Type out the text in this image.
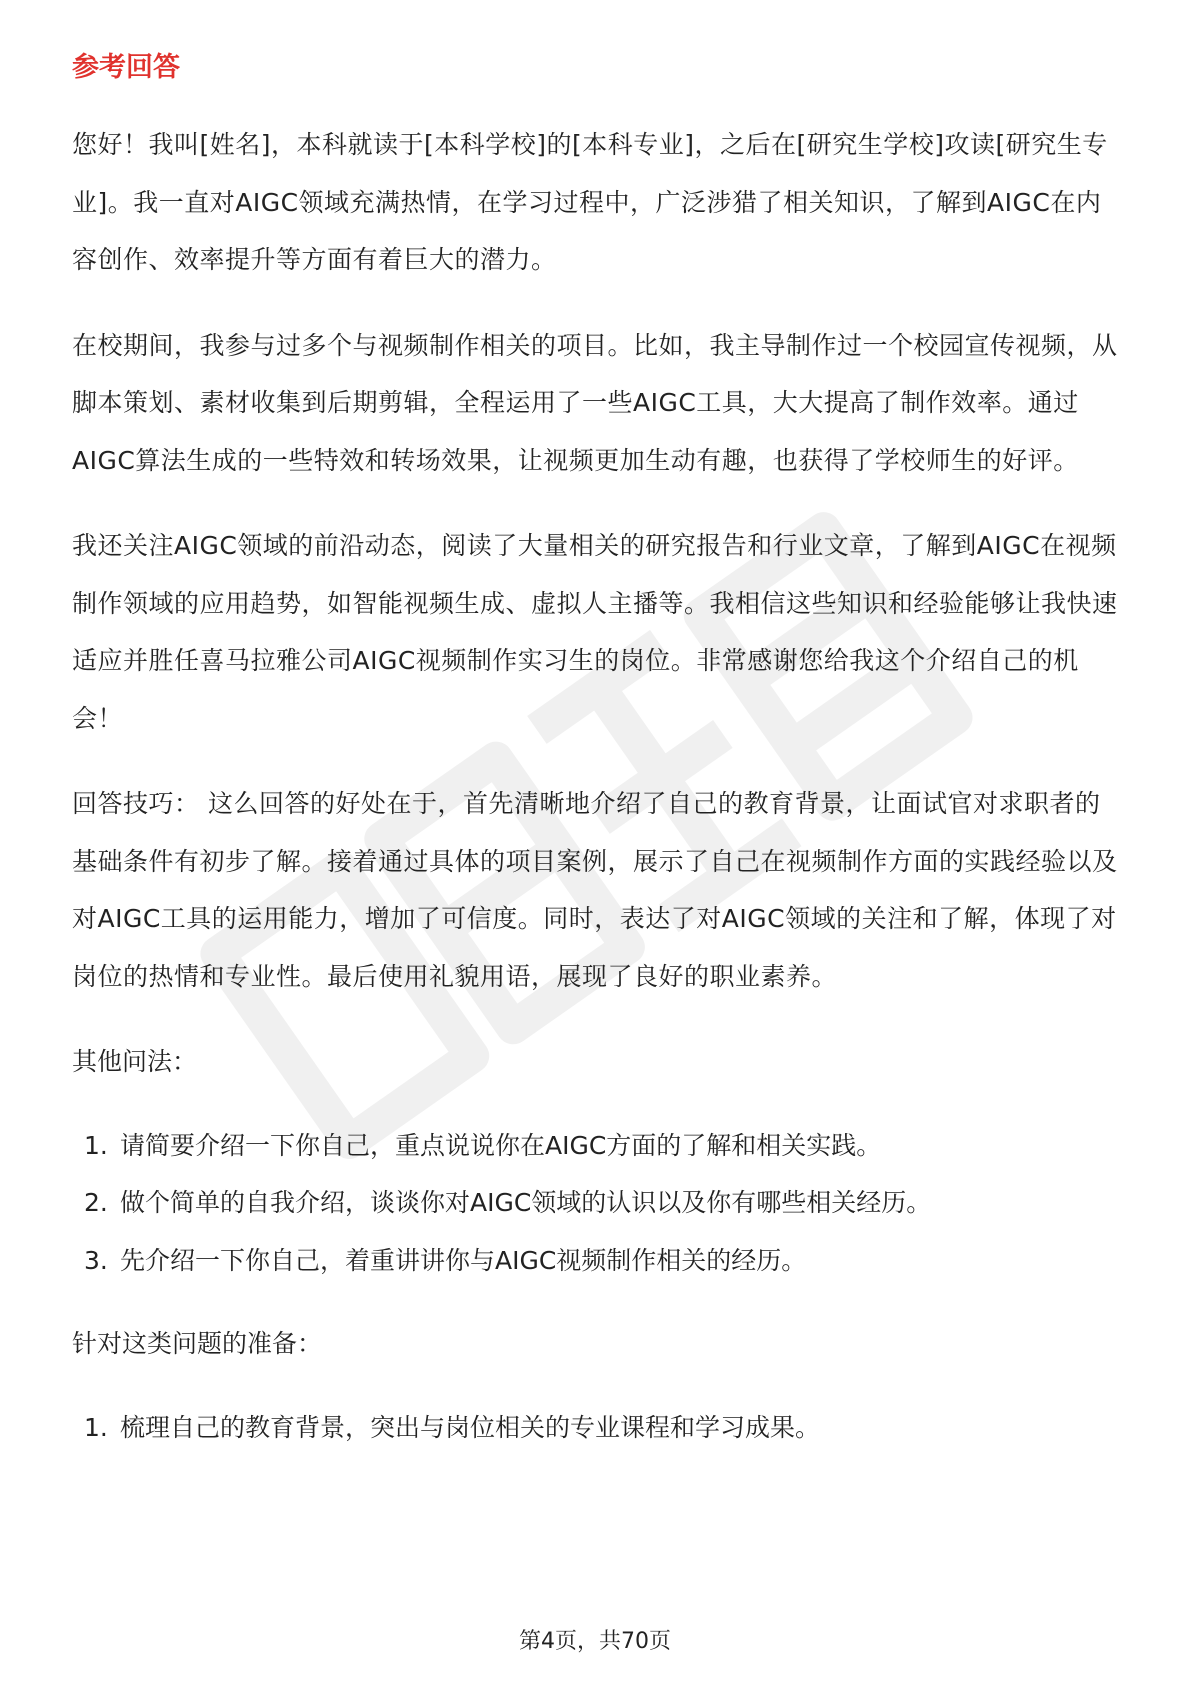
参考回答

您好！我叫[姓名]，本科就读于[本科学校]的[本科专业]，之后在[研究生学校]攻读[研究生专业]。我一直对AIGC领域充满热情，在学习过程中，广泛涉猎了相关知识，了解到AIGC在内容创作、效率提升等方面有着巨大的潜力。

在校期间，我参与过多个与视频制作相关的项目。比如，我主导制作过一个校园宣传视频，从脚本策划、素材收集到后期剪辑，全程运用了一些AIGC工具，大大提高了制作效率。通过AIGC算法生成的一些特效和转场效果，让视频更加生动有趣，也获得了学校师生的好评。

我还关注AIGC领域的前沿动态，阅读了大量相关的研究报告和行业文章，了解到AIGC在视频制作领域的应用趋势，如智能视频生成、虚拟人主播等。我相信这些知识和经验能够让我快速适应并胜任喜马拉雅公司AIGC视频制作实习生的岗位。非常感谢您给我这个介绍自己的机会！

回答技巧： 这么回答的好处在于，首先清晰地介绍了自己的教育背景，让面试官对求职者的基础条件有初步了解。接着通过具体的项目案例，展示了自己在视频制作方面的实践经验以及对AIGC工具的运用能力，增加了可信度。同时，表达了对AIGC领域的关注和了解，体现了对岗位的热情和专业性。最后使用礼貌用语，展现了良好的职业素养。

其他问法：
1. 请简要介绍一下你自己，重点说说你在AIGC方面的了解和相关实践。
2. 做个简单的自我介绍，谈谈你对AIGC领域的认识以及你有哪些相关经历。
3. 先介绍一下你自己，着重讲讲你与AIGC视频制作相关的经历。
针对这类问题的准备：
1. 梳理自己的教育背景，突出与岗位相关的专业课程和学习成果。
第4页，共70页
